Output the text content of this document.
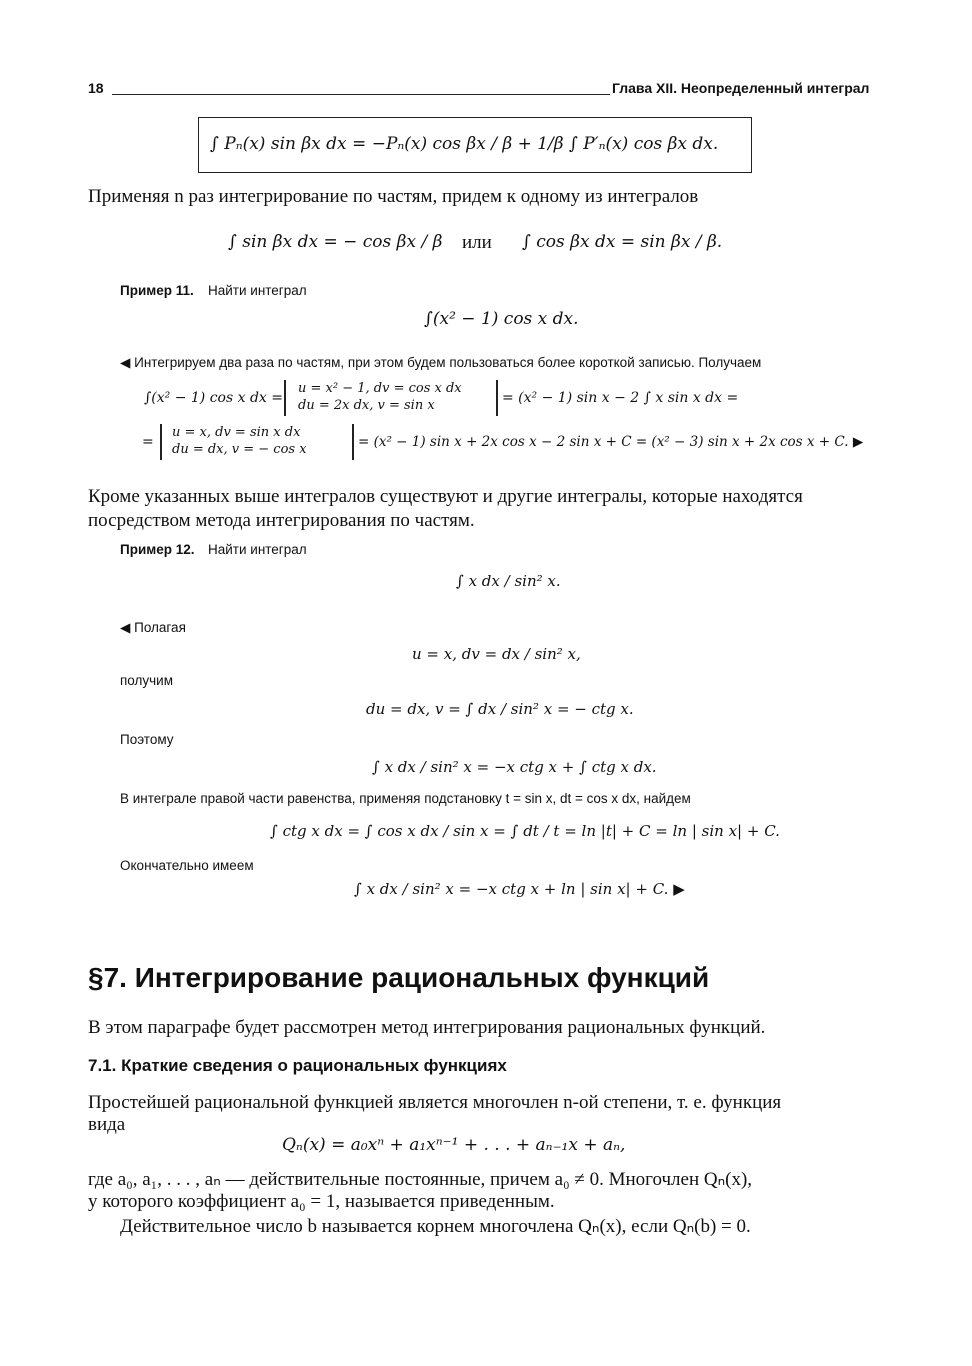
18	Глава XII. Неопределенный интеграл
∫ Pₙ(x) sin βx dx = −Pₙ(x) cos βx / β + 1/β ∫ P′ₙ(x) cos βx dx.
Применяя n раз интегрирование по частям, придем к одному из интегралов
∫ sin βx dx = − cos βx / β или ∫ cos βx dx = sin βx / β.
Пример 11. Найти интеграл
∫(x² − 1) cos x dx.
◀ Интегрируем два раза по частям, при этом будем пользоваться более короткой записью. Получаем
∫(x² − 1) cos x dx =
u = x² − 1, dv = cos x dx
du = 2x dx, v = sin x	= (x² − 1) sin x − 2 ∫ x sin x dx =
=
u = x, dv = sin x dx
du = dx, v = − cos x	= (x² − 1) sin x + 2x cos x − 2 sin x + C = (x² − 3) sin x + 2x cos x + C. ▶
Кроме указанных выше интегралов существуют и другие интегралы, которые находятся
посредством метода интегрирования по частям.
Пример 12. Найти интеграл
∫ x dx / sin² x.
◀ Полагая
u = x, dv = dx / sin² x,
получим
du = dx, v = ∫ dx / sin² x = − ctg x.
Поэтому
∫ x dx / sin² x = −x ctg x + ∫ ctg x dx.
В интеграле правой части равенства, применяя подстановку t = sin x, dt = cos x dx, найдем
∫ ctg x dx = ∫ cos x dx / sin x = ∫ dt / t = ln |t| + C = ln | sin x| + C.
Окончательно имеем
∫ x dx / sin² x = −x ctg x + ln | sin x| + C. ▶
§7. Интегрирование рациональных функций
В этом параграфе будет рассмотрен метод интегрирования рациональных функций.
7.1. Краткие сведения о рациональных функциях
Простейшей рациональной функцией является многочлен n-ой степени, т. е. функция
вида
Qₙ(x) = a₀xⁿ + a₁xⁿ⁻¹ + . . . + aₙ₋₁x + aₙ,
где a₀, a₁, . . . , aₙ — действительные постоянные, причем a₀ ≠ 0. Многочлен Qₙ(x),
у которого коэффициент a₀ = 1, называется приведенным.
Действительное число b называется корнем многочлена Qₙ(x), если Qₙ(b) = 0.
